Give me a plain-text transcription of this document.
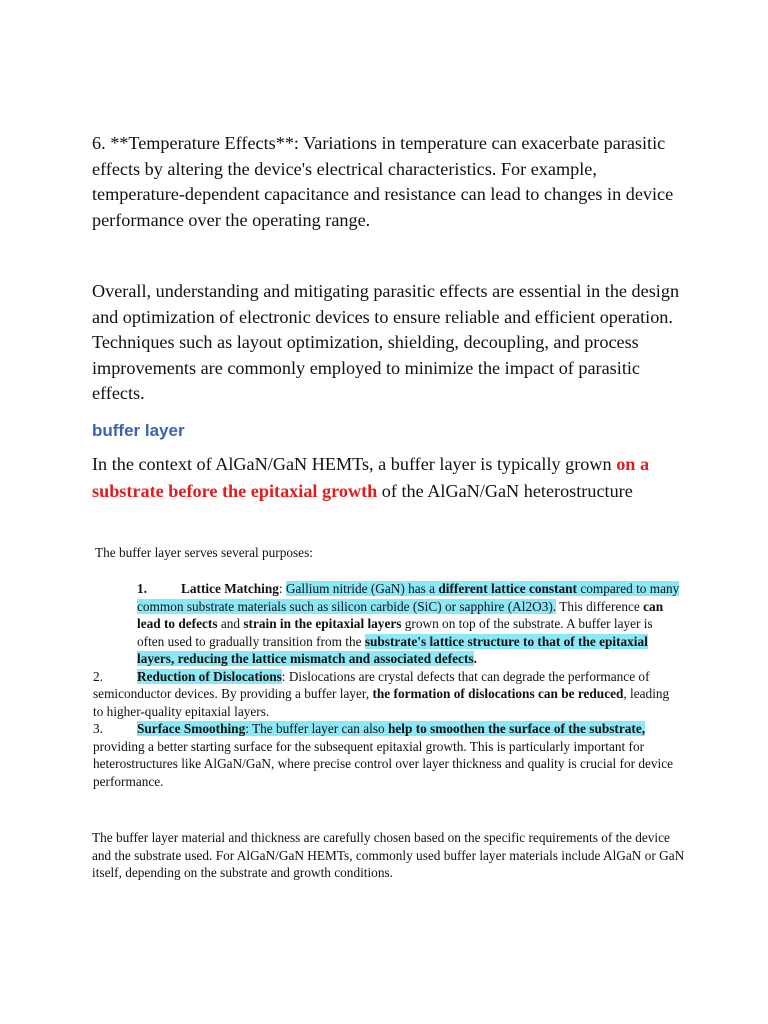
6. **Temperature Effects**: Variations in temperature can exacerbate parasitic effects by altering the device's electrical characteristics. For example, temperature-dependent capacitance and resistance can lead to changes in device performance over the operating range.

Overall, understanding and mitigating parasitic effects are essential in the design and optimization of electronic devices to ensure reliable and efficient operation. Techniques such as layout optimization, shielding, decoupling, and process improvements are commonly employed to minimize the impact of parasitic effects.

buffer layer

In the context of AlGaN/GaN HEMTs, a buffer layer is typically grown on a substrate before the epitaxial growth of the AlGaN/GaN heterostructure

The buffer layer serves several purposes:

1.	Lattice Matching: Gallium nitride (GaN) has a different lattice constant compared to many common substrate materials such as silicon carbide (SiC) or sapphire (Al2O3). This difference can lead to defects and strain in the epitaxial layers grown on top of the substrate. A buffer layer is often used to gradually transition from the substrate's lattice structure to that of the epitaxial layers, reducing the lattice mismatch and associated defects.
2.	Reduction of Dislocations: Dislocations are crystal defects that can degrade the performance of semiconductor devices. By providing a buffer layer, the formation of dislocations can be reduced, leading to higher-quality epitaxial layers.
3.	Surface Smoothing: The buffer layer can also help to smoothen the surface of the substrate, providing a better starting surface for the subsequent epitaxial growth. This is particularly important for heterostructures like AlGaN/GaN, where precise control over layer thickness and quality is crucial for device performance.

The buffer layer material and thickness are carefully chosen based on the specific requirements of the device and the substrate used. For AlGaN/GaN HEMTs, commonly used buffer layer materials include AlGaN or GaN itself, depending on the substrate and growth conditions.
